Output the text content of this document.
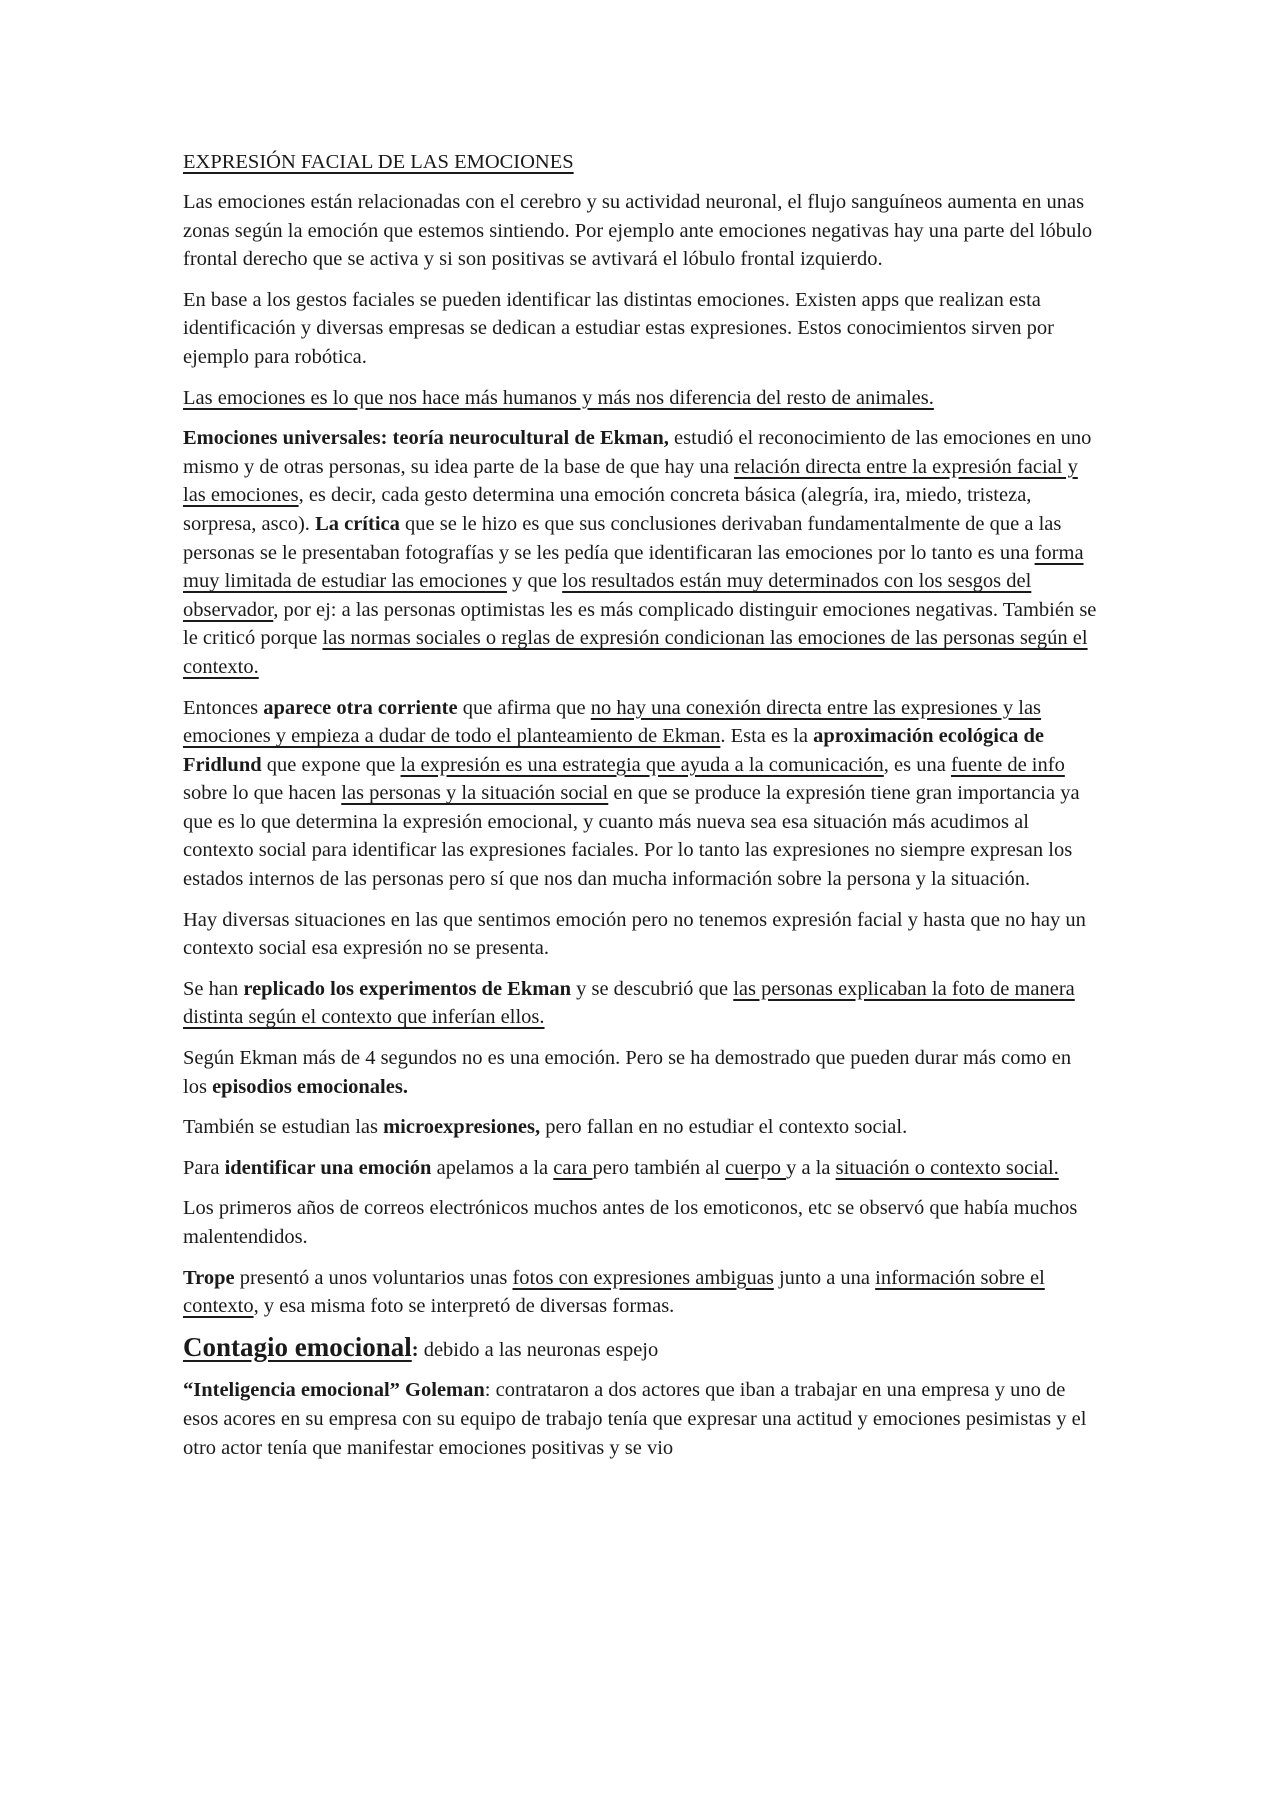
EXPRESIÓN FACIAL DE LAS EMOCIONES

Las emociones están relacionadas con el cerebro y su actividad neuronal, el flujo sanguíneos aumenta en unas zonas según la emoción que estemos sintiendo. Por ejemplo ante emociones negativas hay una parte del lóbulo frontal derecho que se activa y si son positivas se avtivará el lóbulo frontal izquierdo.

En base a los gestos faciales se pueden identificar las distintas emociones. Existen apps que realizan esta identificación y diversas empresas se dedican a estudiar estas expresiones. Estos conocimientos sirven por ejemplo para robótica.

Las emociones es lo que nos hace más humanos y más nos diferencia del resto de animales.

Emociones universales: teoría neurocultural de Ekman, estudió el reconocimiento de las emociones en uno mismo y de otras personas, su idea parte de la base de que hay una relación directa entre la expresión facial y las emociones, es decir, cada gesto determina una emoción concreta básica (alegría, ira, miedo, tristeza, sorpresa, asco). La crítica que se le hizo es que sus conclusiones derivaban fundamentalmente de que a las personas se le presentaban fotografías y se les pedía que identificaran las emociones por lo tanto es una forma muy limitada de estudiar las emociones y que los resultados están muy determinados con los sesgos del observador, por ej: a las personas optimistas les es más complicado distinguir emociones negativas. También se le criticó porque las normas sociales o reglas de expresión condicionan las emociones de las personas según el contexto.

Entonces aparece otra corriente que afirma que no hay una conexión directa entre las expresiones y las emociones y empieza a dudar de todo el planteamiento de Ekman. Esta es la aproximación ecológica de Fridlund que expone que la expresión es una estrategia que ayuda a la comunicación, es una fuente de info sobre lo que hacen las personas y la situación social en que se produce la expresión tiene gran importancia ya que es lo que determina la expresión emocional, y cuanto más nueva sea esa situación más acudimos al contexto social para identificar las expresiones faciales. Por lo tanto las expresiones no siempre expresan los estados internos de las personas pero sí que nos dan mucha información sobre la persona y la situación.

Hay diversas situaciones en las que sentimos emoción pero no tenemos expresión facial y hasta que no hay un contexto social esa expresión no se presenta.

Se han replicado los experimentos de Ekman y se descubrió que las personas explicaban la foto de manera distinta según el contexto que inferían ellos.

Según Ekman más de 4 segundos no es una emoción. Pero se ha demostrado que pueden durar más como en los episodios emocionales.

También se estudian las microexpresiones, pero fallan en no estudiar el contexto social.

Para identificar una emoción apelamos a la cara pero también al cuerpo y a la situación o contexto social.

Los primeros años de correos electrónicos muchos antes de los emoticonos, etc se observó que había muchos malentendidos.

Trope presentó a unos voluntarios unas fotos con expresiones ambiguas junto a una información sobre el contexto, y esa misma foto se interpretó de diversas formas.

Contagio emocional: debido a las neuronas espejo

“Inteligencia emocional” Goleman: contrataron a dos actores que iban a trabajar en una empresa y uno de esos acores en su empresa con su equipo de trabajo tenía que expresar una actitud y emociones pesimistas y el otro actor tenía que manifestar emociones positivas y se vio
